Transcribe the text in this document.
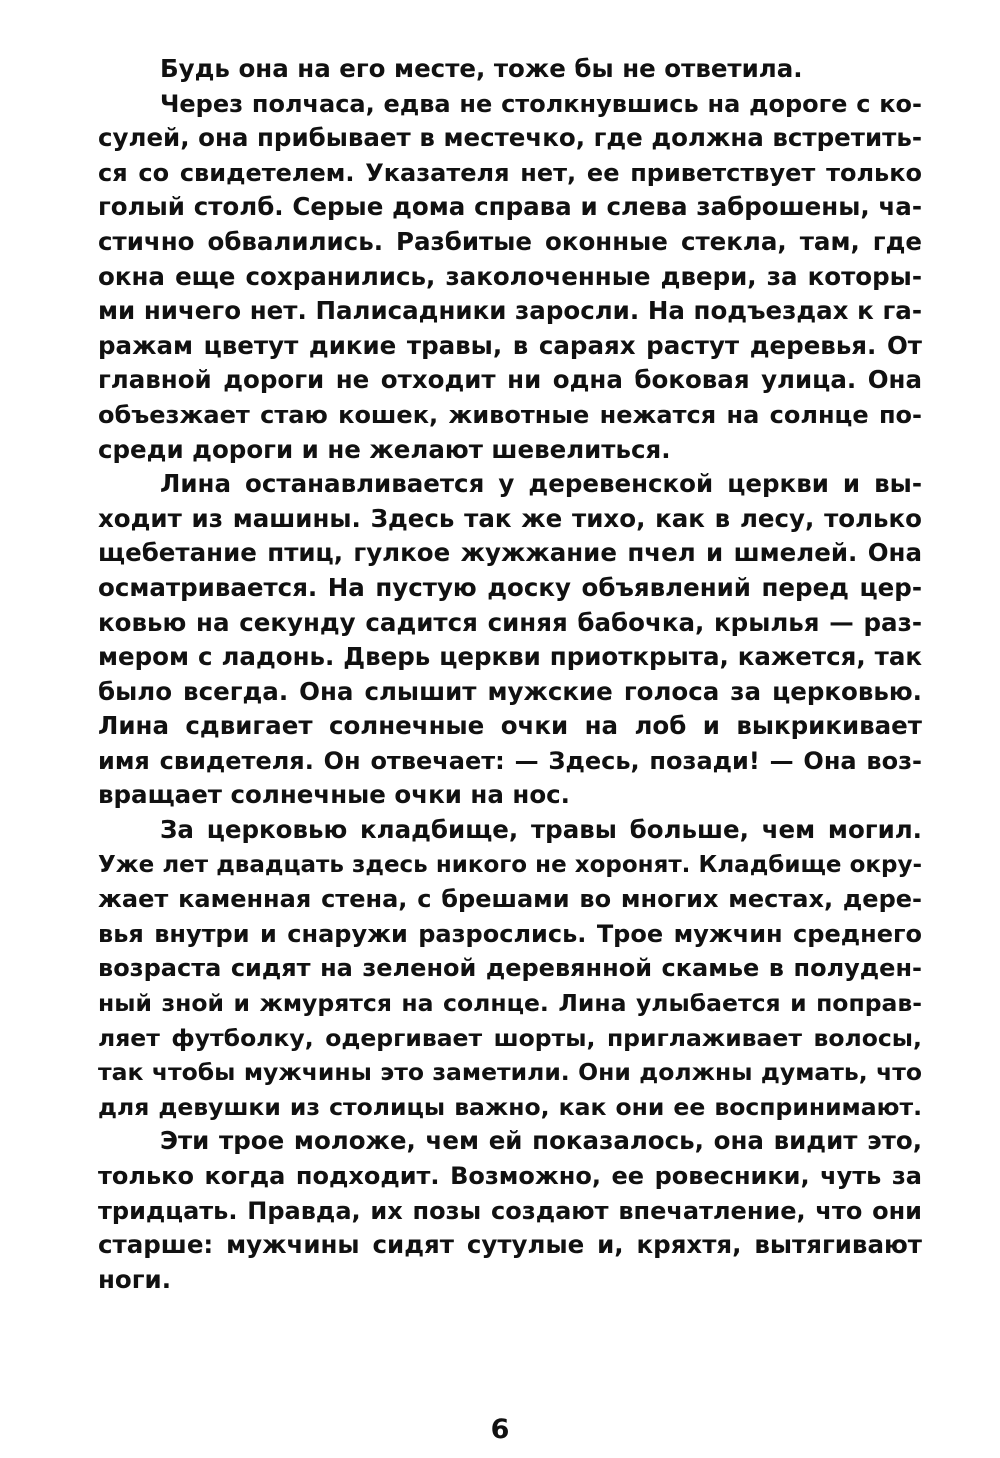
Будь она на его месте, тоже бы не ответила.
Через полчаса, едва не столкнувшись на дороге с ко-
сулей, она прибывает в местечко, где должна встретить-
ся со свидетелем. Указателя нет, ее приветствует только
голый столб. Серые дома справа и слева заброшены, ча-
стично обвалились. Разбитые оконные стекла, там, где
окна еще сохранились, заколоченные двери, за которы-
ми ничего нет. Палисадники заросли. На подъездах к га-
ражам цветут дикие травы, в сараях растут деревья. От
главной дороги не отходит ни одна боковая улица. Она
объезжает стаю кошек, животные нежатся на солнце по-
среди дороги и не желают шевелиться.
Лина останавливается у деревенской церкви и вы-
ходит из машины. Здесь так же тихо, как в лесу, только
щебетание птиц, гулкое жужжание пчел и шмелей. Она
осматривается. На пустую доску объявлений перед цер-
ковью на секунду садится синяя бабочка, крылья — раз-
мером с ладонь. Дверь церкви приоткрыта, кажется, так
было всегда. Она слышит мужские голоса за церковью.
Лина сдвигает солнечные очки на лоб и выкрикивает
имя свидетеля. Он отвечает: — Здесь, позади! — Она воз-
вращает солнечные очки на нос.
За церковью кладбище, травы больше, чем могил.
Уже лет двадцать здесь никого не хоронят. Кладбище окру-
жает каменная стена, с брешами во многих местах, дере-
вья внутри и снаружи разрослись. Трое мужчин среднего
возраста сидят на зеленой деревянной скамье в полуден-
ный зной и жмурятся на солнце. Лина улыбается и поправ-
ляет футболку, одергивает шорты, приглаживает волосы,
так чтобы мужчины это заметили. Они должны думать, что
для девушки из столицы важно, как они ее воспринимают.
Эти трое моложе, чем ей показалось, она видит это,
только когда подходит. Возможно, ее ровесники, чуть за
тридцать. Правда, их позы создают впечатление, что они
старше: мужчины сидят сутулые и, кряхтя, вытягивают
ноги.
6
